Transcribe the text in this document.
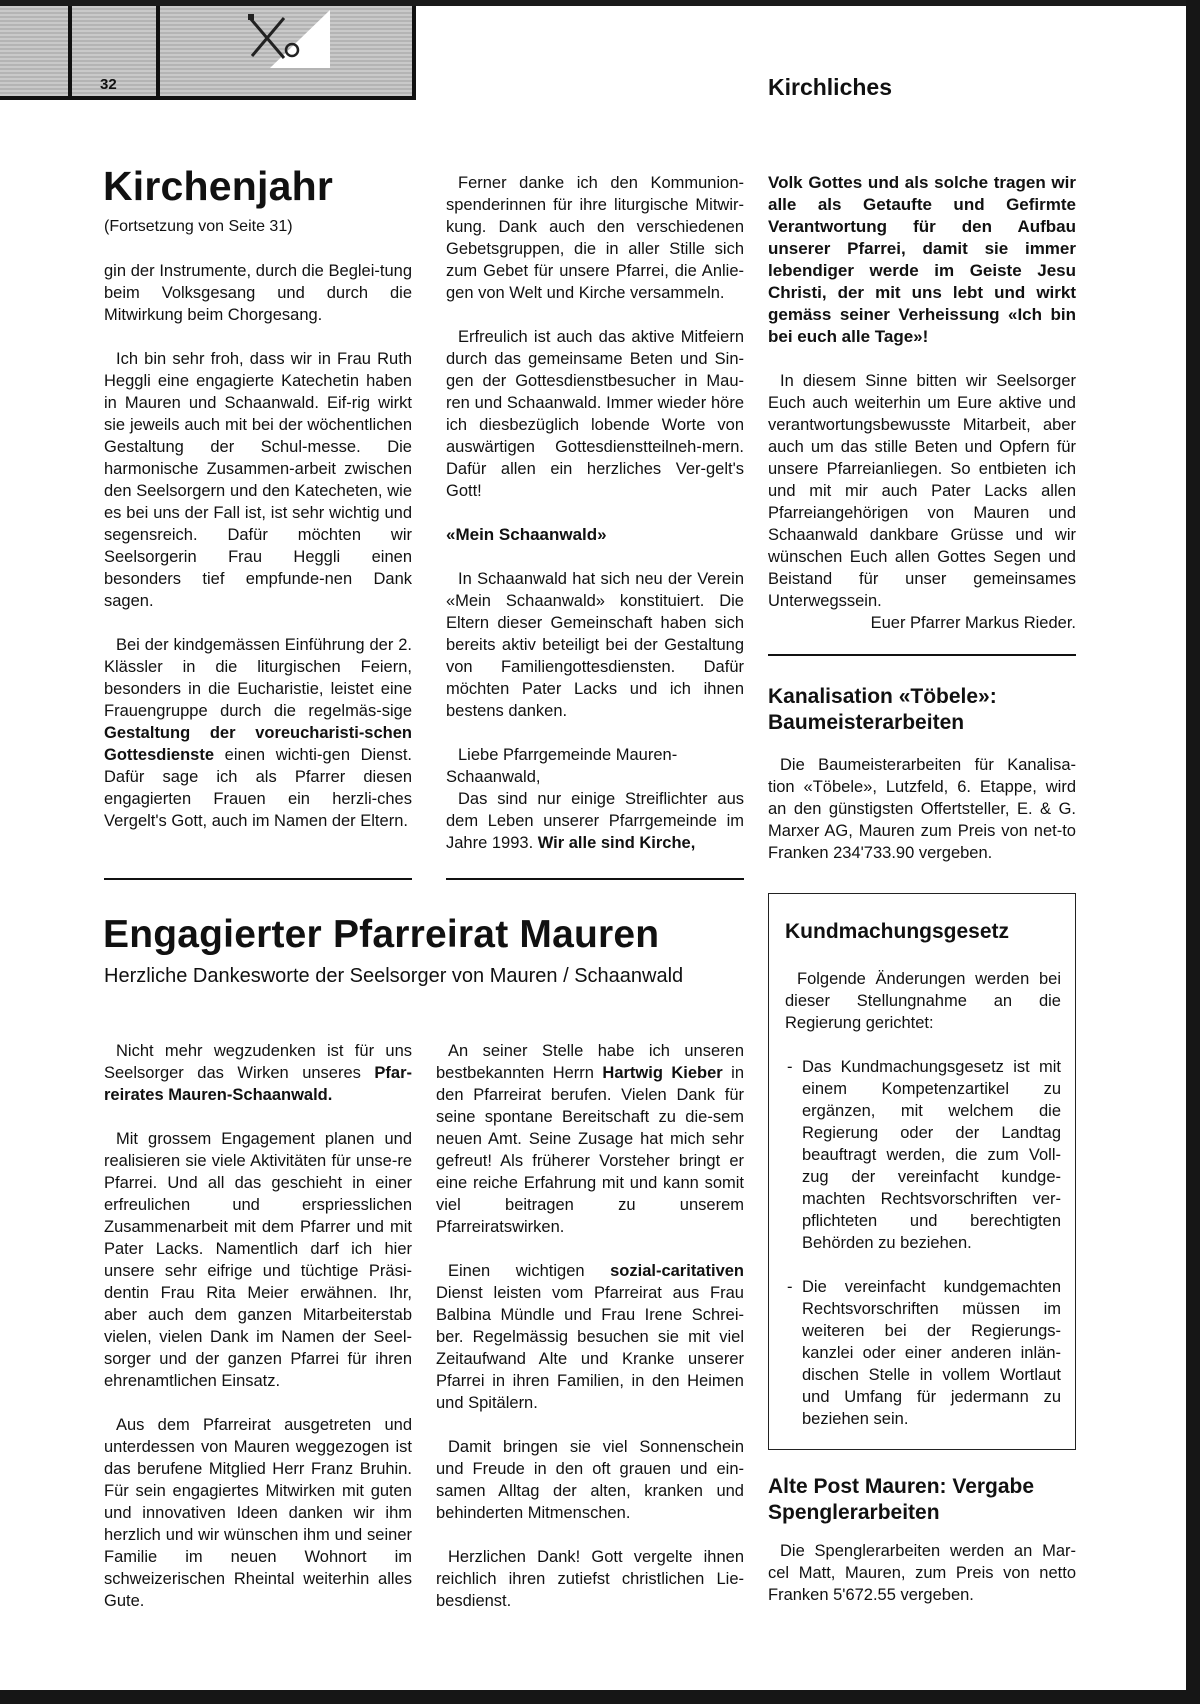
32	Kirchliches
Kirchenjahr
(Fortsetzung von Seite 31)

gin der Instrumente, durch die Beglei-tung beim Volksgesang und durch die Mitwirkung beim Chorgesang.

Ich bin sehr froh, dass wir in Frau Ruth Heggli eine engagierte Katechetin haben in Mauren und Schaanwald. Eif-rig wirkt sie jeweils auch mit bei der wöchentlichen Gestaltung der Schul-messe. Die harmonische Zusammen-arbeit zwischen den Seelsorgern und den Katecheten, wie es bei uns der Fall ist, ist sehr wichtig und segensreich. Dafür möchten wir Seelsorgerin Frau Heggli einen besonders tief empfunde-nen Dank sagen.

Bei der kindgemässen Einführung der 2. Klässler in die liturgischen Feiern, besonders in die Eucharistie, leistet eine Frauengruppe durch die regelmäs-sige Gestaltung der voreucharisti-schen Gottesdienste einen wichti-gen Dienst. Dafür sage ich als Pfarrer diesen engagierten Frauen ein herzli-ches Vergelt's Gott, auch im Namen der Eltern.

Ferner danke ich den Kommunion-spenderinnen für ihre liturgische Mitwir-kung. Dank auch den verschiedenen Gebetsgruppen, die in aller Stille sich zum Gebet für unsere Pfarrei, die Anlie-gen von Welt und Kirche versammeln.

Erfreulich ist auch das aktive Mitfeiern durch das gemeinsame Beten und Sin-gen der Gottesdienstbesucher in Mau-ren und Schaanwald. Immer wieder höre ich diesbezüglich lobende Worte von auswärtigen Gottesdienstteilneh-mern. Dafür allen ein herzliches Ver-gelt's Gott!

«Mein Schaanwald»

In Schaanwald hat sich neu der Verein «Mein Schaanwald» konstituiert. Die Eltern dieser Gemeinschaft haben sich bereits aktiv beteiligt bei der Gestaltung von Familiengottesdiensten. Dafür möchten Pater Lacks und ich ihnen bestens danken.

Liebe Pfarrgemeinde Mauren-
Schaanwald,

Das sind nur einige Streiflichter aus dem Leben unserer Pfarrgemeinde im Jahre 1993. Wir alle sind Kirche,

Volk Gottes und als solche tragen wir alle als Getaufte und Gefirmte Verantwortung für den Aufbau unserer Pfarrei, damit sie immer lebendiger werde im Geiste Jesu Christi, der mit uns lebt und wirkt gemäss seiner Verheissung «Ich bin bei euch alle Tage»!

In diesem Sinne bitten wir Seelsorger Euch auch weiterhin um Eure aktive und verantwortungsbewusste Mitarbeit, aber auch um das stille Beten und Opfern für unsere Pfarreianliegen. So entbieten ich und mit mir auch Pater Lacks allen Pfarreiangehörigen von Mauren und Schaanwald dankbare Grüsse und wir wünschen Euch allen Gottes Segen und Beistand für unser gemeinsames Unterwegssein.

Euer Pfarrer Markus Rieder.

Kanalisation «Töbele»:
Baumeisterarbeiten

Die Baumeisterarbeiten für Kanalisa-tion «Töbele», Lutzfeld, 6. Etappe, wird an den günstigsten Offertsteller, E. & G. Marxer AG, Mauren zum Preis von net-to Franken 234'733.90 vergeben.

Engagierter Pfarreirat Mauren
Herzliche Dankesworte der Seelsorger von Mauren / Schaanwald

Nicht mehr wegzudenken ist für uns Seelsorger das Wirken unseres Pfar-reirates Mauren-Schaanwald.

Mit grossem Engagement planen und realisieren sie viele Aktivitäten für unse-re Pfarrei. Und all das geschieht in einer erfreulichen und erspriesslichen Zusammenarbeit mit dem Pfarrer und mit Pater Lacks. Namentlich darf ich hier unsere sehr eifrige und tüchtige Präsi-dentin Frau Rita Meier erwähnen. Ihr, aber auch dem ganzen Mitarbeiterstab vielen, vielen Dank im Namen der Seel-sorger und der ganzen Pfarrei für ihren ehrenamtlichen Einsatz.

Aus dem Pfarreirat ausgetreten und unterdessen von Mauren weggezogen ist das berufene Mitglied Herr Franz Bruhin. Für sein engagiertes Mitwirken mit guten und innovativen Ideen danken wir ihm herzlich und wir wünschen ihm und seiner Familie im neuen Wohnort im schweizerischen Rheintal weiterhin alles Gute.

An seiner Stelle habe ich unseren bestbekannten Herrn Hartwig Kieber in den Pfarreirat berufen. Vielen Dank für seine spontane Bereitschaft zu die-sem neuen Amt. Seine Zusage hat mich sehr gefreut! Als früherer Vorsteher bringt er eine reiche Erfahrung mit und kann somit viel beitragen zu unserem Pfarreiratswirken.

Einen wichtigen sozial-caritativen Dienst leisten vom Pfarreirat aus Frau Balbina Mündle und Frau Irene Schrei-ber. Regelmässig besuchen sie mit viel Zeitaufwand Alte und Kranke unserer Pfarrei in ihren Familien, in den Heimen und Spitälern.

Damit bringen sie viel Sonnenschein und Freude in den oft grauen und ein-samen Alltag der alten, kranken und behinderten Mitmenschen.

Herzlichen Dank! Gott vergelte ihnen reichlich ihren zutiefst christlichen Lie-besdienst.

Kundmachungsgesetz

Folgende Änderungen werden bei dieser Stellungnahme an die Regierung gerichtet:

- Das Kundmachungsgesetz ist mit einem Kompetenzartikel zu ergänzen, mit welchem die Regierung oder der Landtag beauftragt werden, die zum Voll-zug der vereinfacht kundge-machten Rechtsvorschriften ver-pflichteten und berechtigten Behörden zu beziehen.
- Die vereinfacht kundgemachten Rechtsvorschriften müssen im weiteren bei der Regierungs-kanzlei oder einer anderen inlän-dischen Stelle in vollem Wortlaut und Umfang für jedermann zu beziehen sein.
Alte Post Mauren: Vergabe
Spenglerarbeiten

Die Spenglerarbeiten werden an Mar-cel Matt, Mauren, zum Preis von netto Franken 5'672.55 vergeben.
